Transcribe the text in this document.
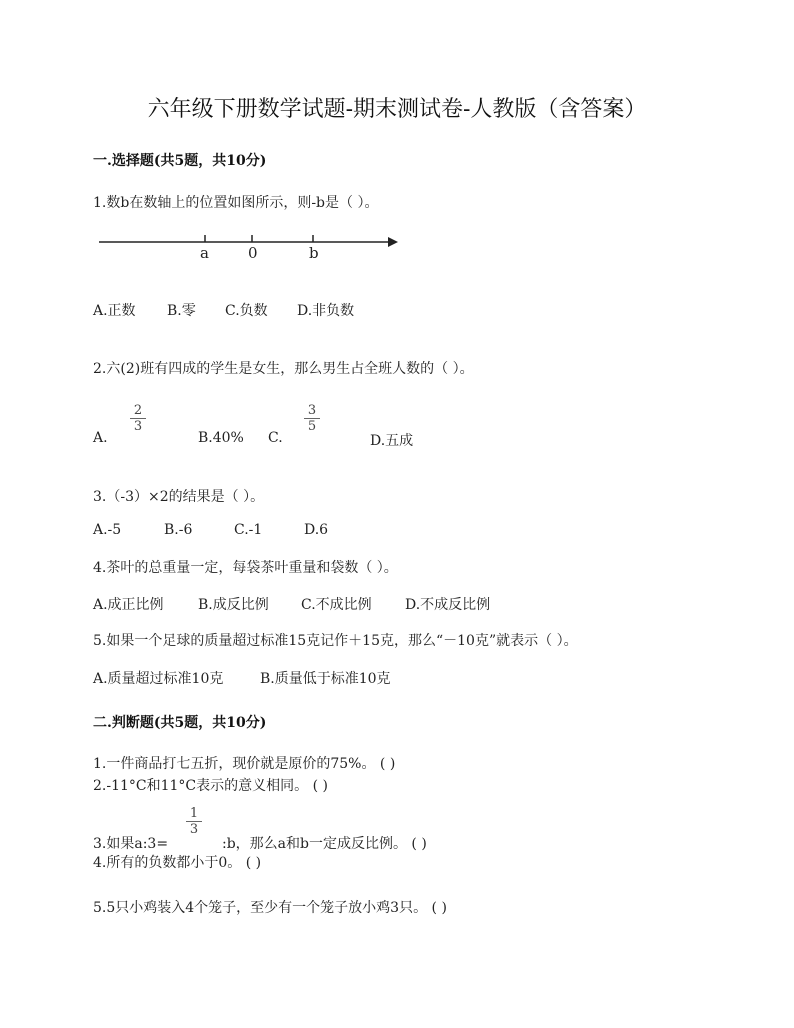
六年级下册数学试题-期末测试卷-人教版（含答案）
一.选择题(共5题，共10分)
1.数b在数轴上的位置如图所示，则-b是（ ）。
a	0	b
A.正数 B.零 C.负数 D.非负数
2.六(2)班有四成的学生是女生，那么男生占全班人数的（ ）。
A.
$\frac{2}{3}$
B.40% C.
$\frac{3}{5}$
D.五成
3.（-3）×2的结果是（ ）。
A.-5	B.-6	C.-1	D.6
4.茶叶的总重量一定，每袋茶叶重量和袋数（ ）。
A.成正比例 B.成反比例 C.不成比例 D.不成反比例
5.如果一个足球的质量超过标准15克记作＋15克，那么“－10克”就表示（ ）。
A.质量超过标准10克	B.质量低于标准10克
二.判断题(共5题，共10分)
1.一件商品打七五折，现价就是原价的75%。 ( )
2.-11°C和11°C表示的意义相同。 ( )
3.如果a:3=
$\frac{1}{3}$
:b，那么a和b一定成反比例。 ( )
4.所有的负数都小于0。 ( )
5.5只小鸡装入4个笼子，至少有一个笼子放小鸡3只。 ( )
